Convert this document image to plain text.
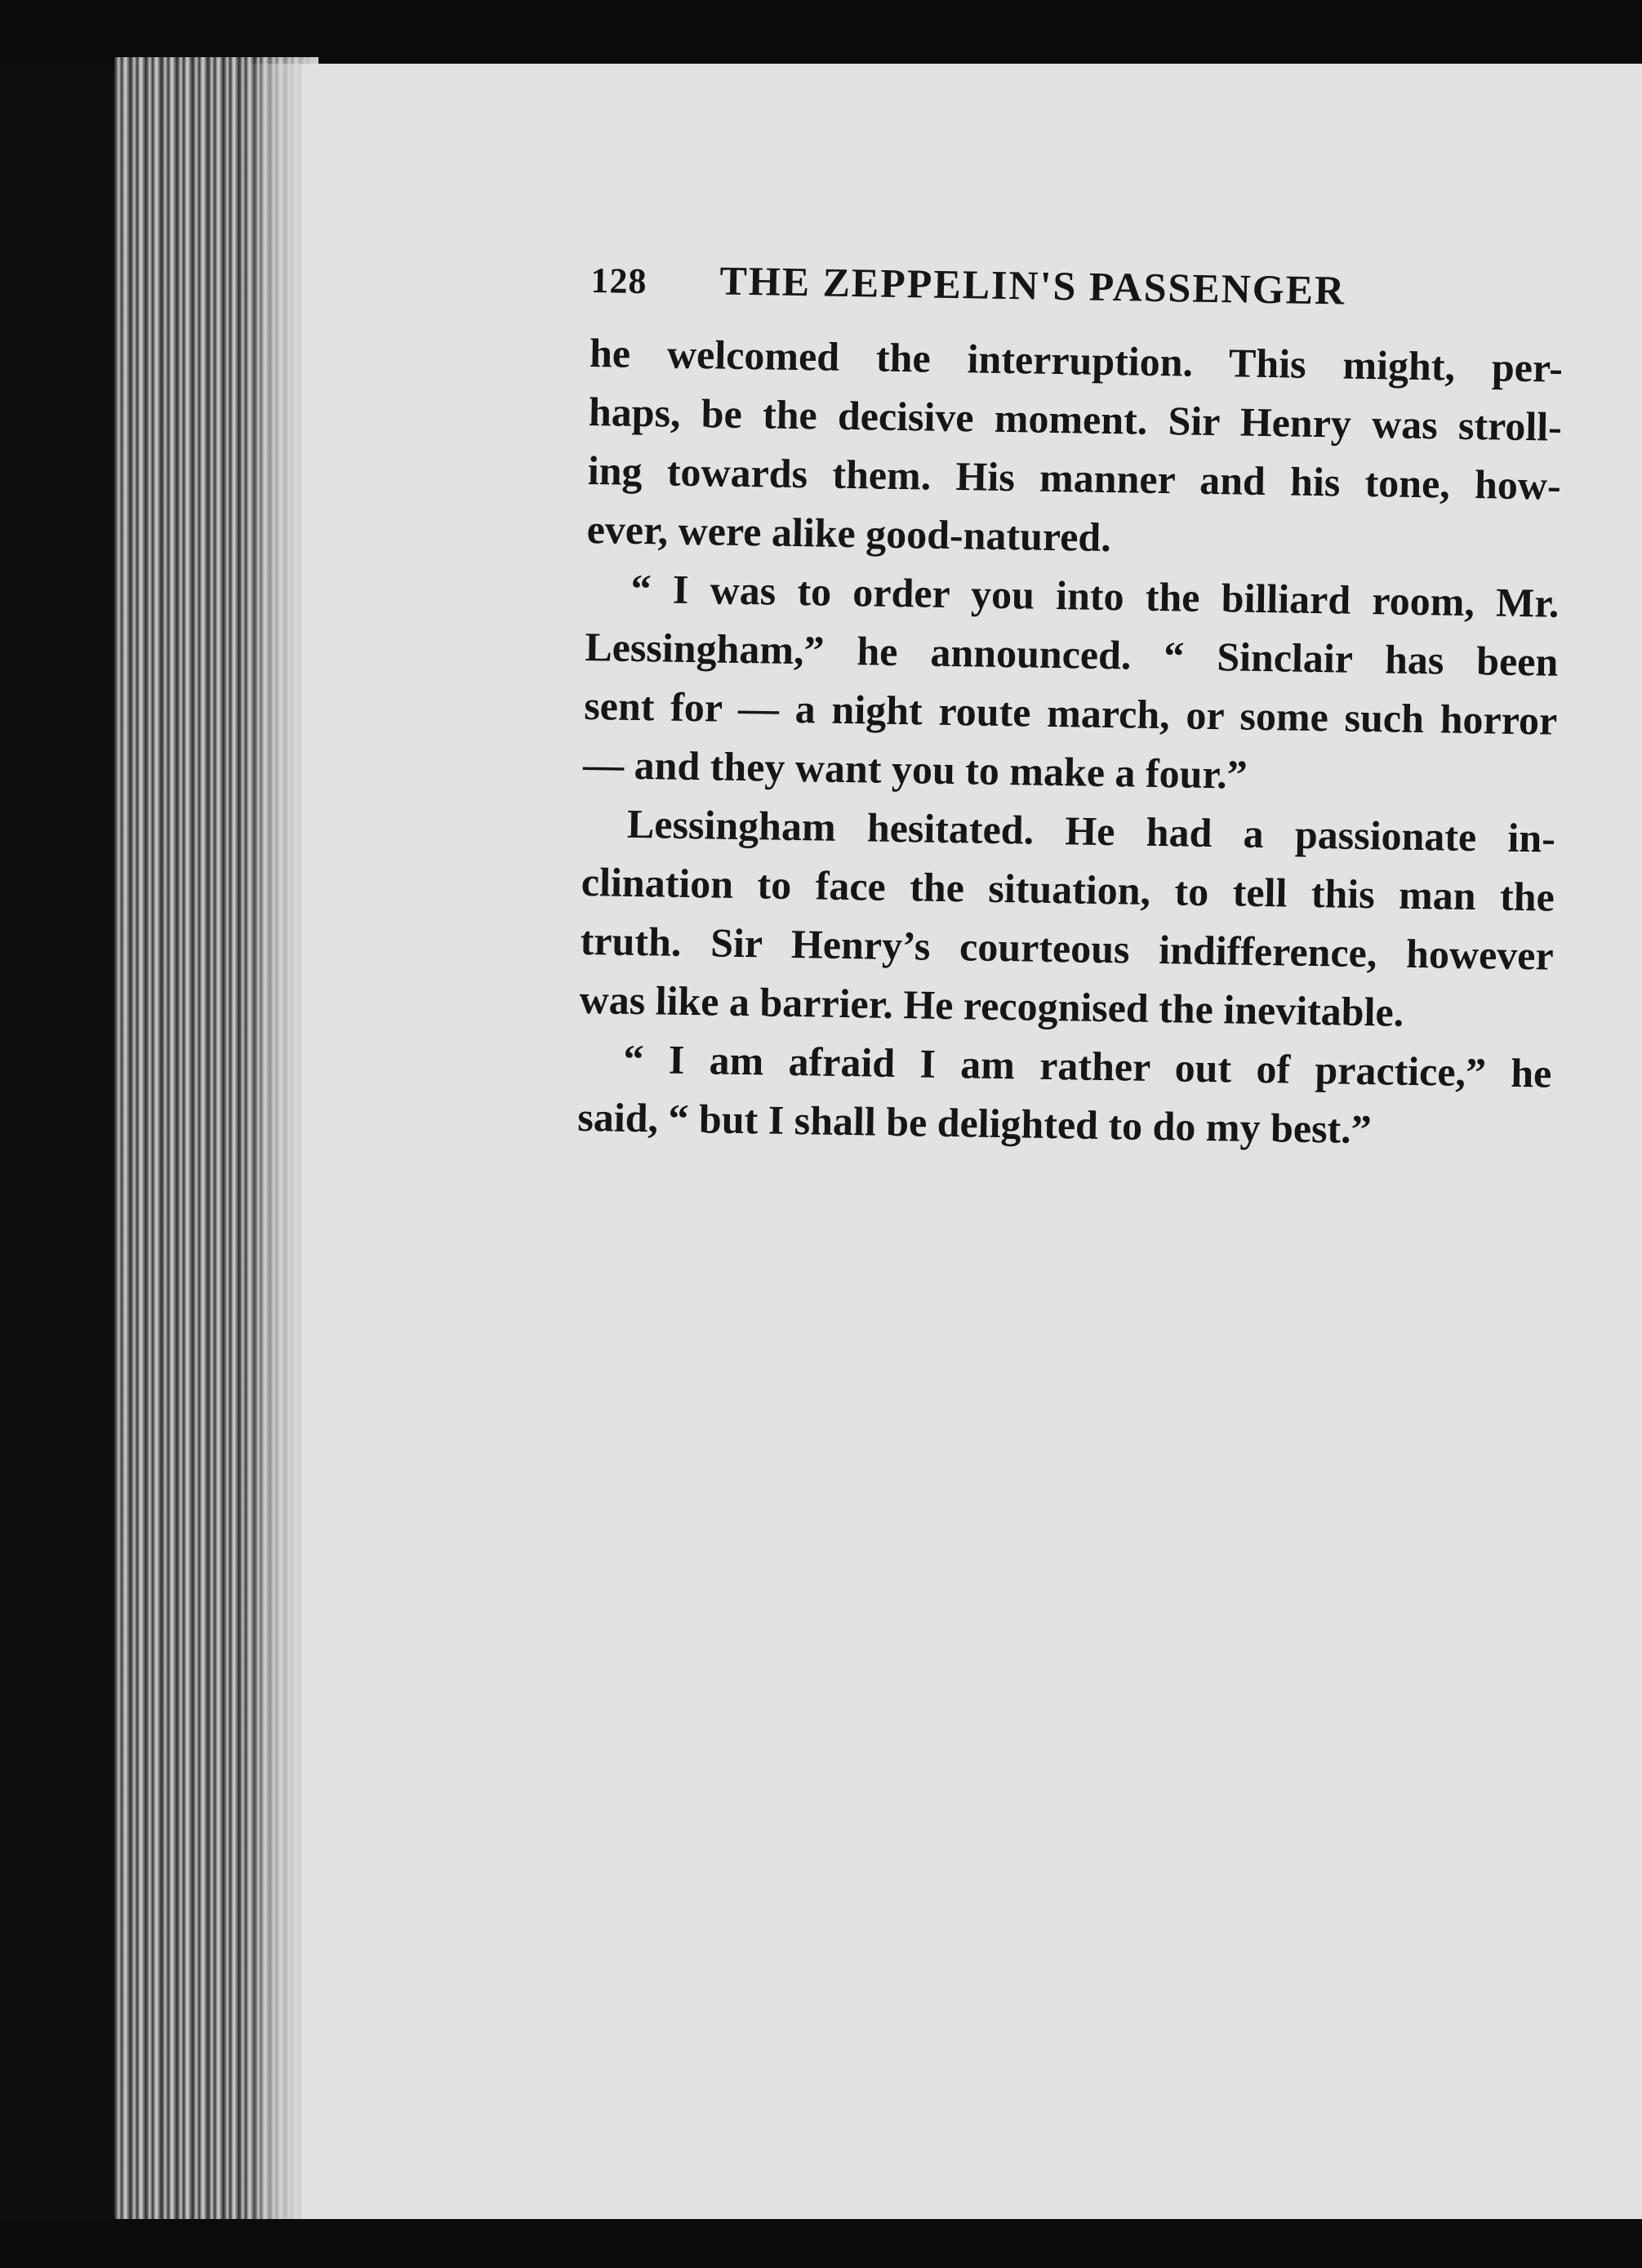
128	THE ZEPPELIN'S PASSENGER
he welcomed the interruption. This might, per-
haps, be the decisive moment. Sir Henry was stroll-
ing towards them. His manner and his tone, how-
ever, were alike good-natured.
“ I was to order you into the billiard room, Mr.
Lessingham,” he announced. “ Sinclair has been
sent for — a night route march, or some such horror
— and they want you to make a four.”
Lessingham hesitated. He had a passionate in-
clination to face the situation, to tell this man the
truth. Sir Henry’s courteous indifference, however
was like a barrier. He recognised the inevitable.
“ I am afraid I am rather out of practice,” he
said, “ but I shall be delighted to do my best.”
